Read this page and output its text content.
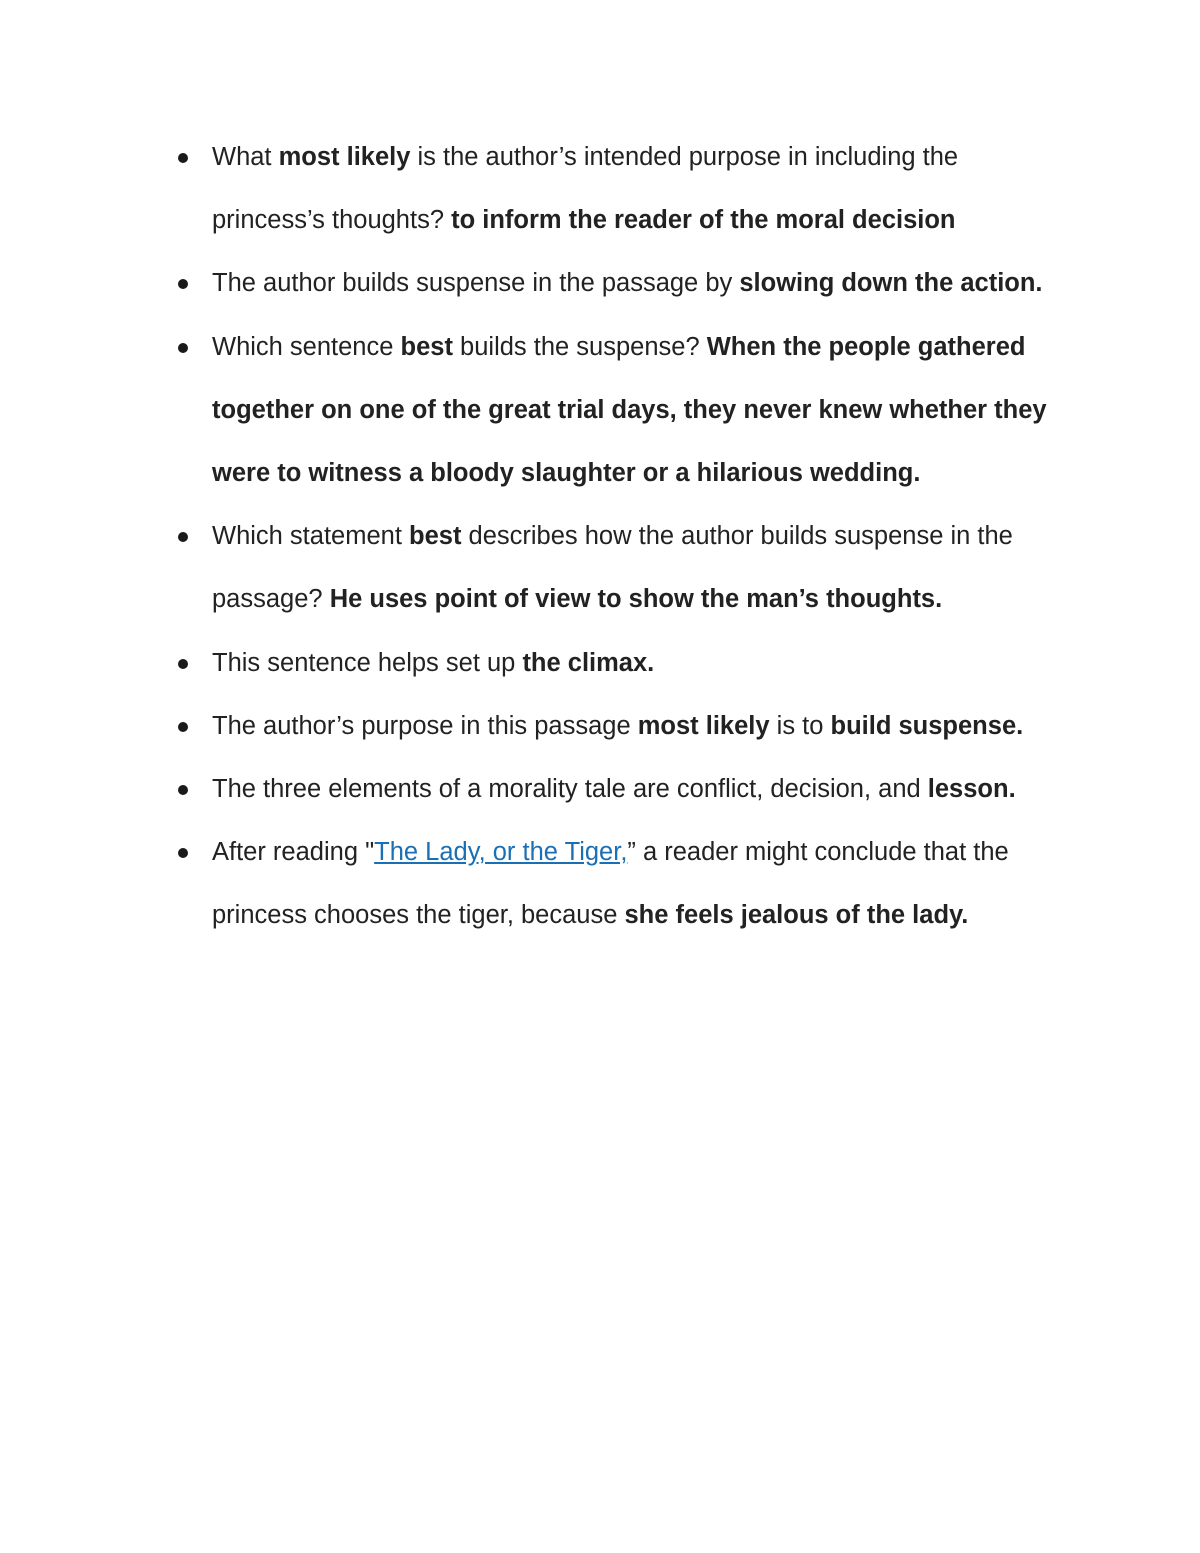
What most likely is the author’s intended purpose in including the princess’s thoughts? to inform the reader of the moral decision
The author builds suspense in the passage by slowing down the action.
Which sentence best builds the suspense? When the people gathered together on one of the great trial days, they never knew whether they were to witness a bloody slaughter or a hilarious wedding.
Which statement best describes how the author builds suspense in the passage? He uses point of view to show the man’s thoughts.
This sentence helps set up the climax.
The author’s purpose in this passage most likely is to build suspense.
The three elements of a morality tale are conflict, decision, and lesson.
After reading "The Lady, or the Tiger,” a reader might conclude that the princess chooses the tiger, because she feels jealous of the lady.
